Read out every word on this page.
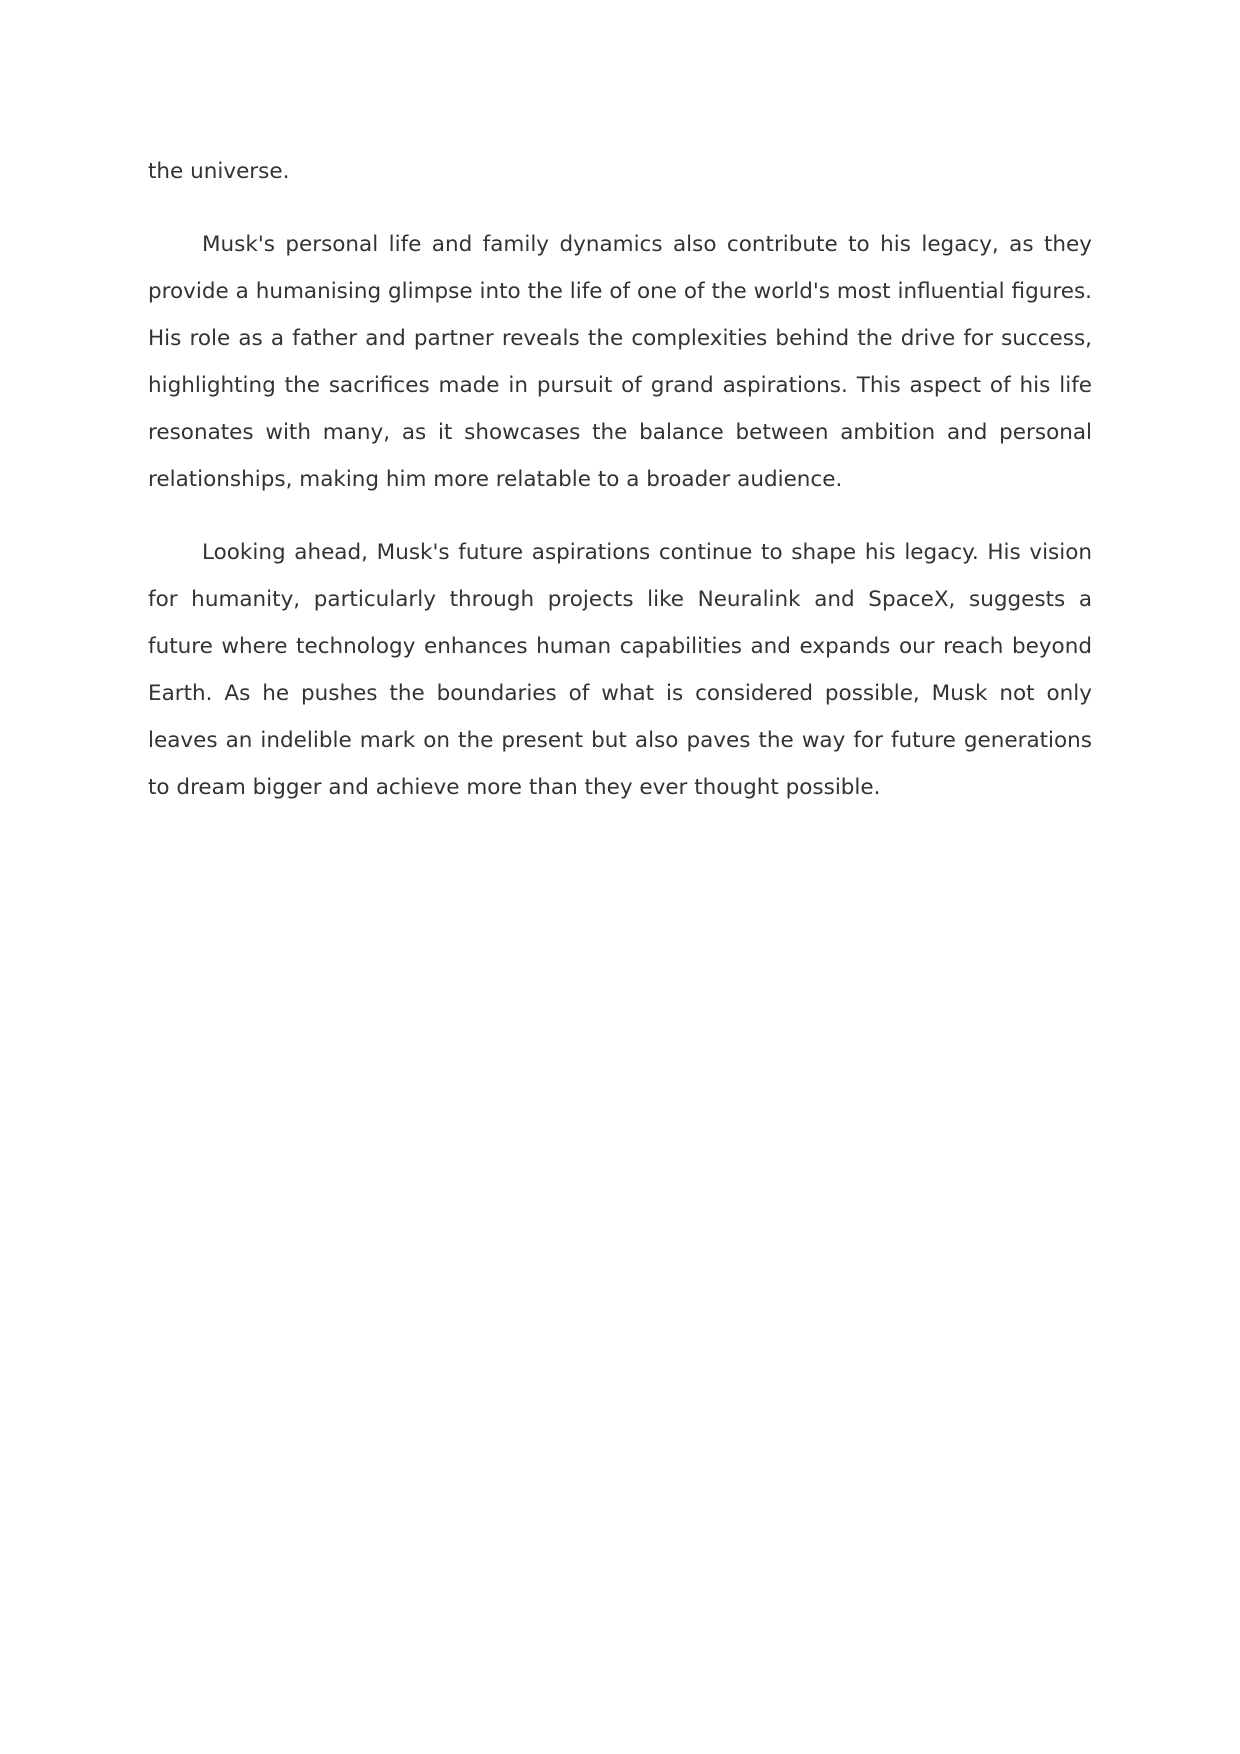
the universe.

Musk's personal life and family dynamics also contribute to his legacy, as they provide a humanising glimpse into the life of one of the world's most influential figures. His role as a father and partner reveals the complexities behind the drive for success, highlighting the sacrifices made in pursuit of grand aspirations. This aspect of his life resonates with many, as it showcases the balance between ambition and personal relationships, making him more relatable to a broader audience.

Looking ahead, Musk's future aspirations continue to shape his legacy. His vision for humanity, particularly through projects like Neuralink and SpaceX, suggests a future where technology enhances human capabilities and expands our reach beyond Earth. As he pushes the boundaries of what is considered possible, Musk not only leaves an indelible mark on the present but also paves the way for future generations to dream bigger and achieve more than they ever thought possible.
